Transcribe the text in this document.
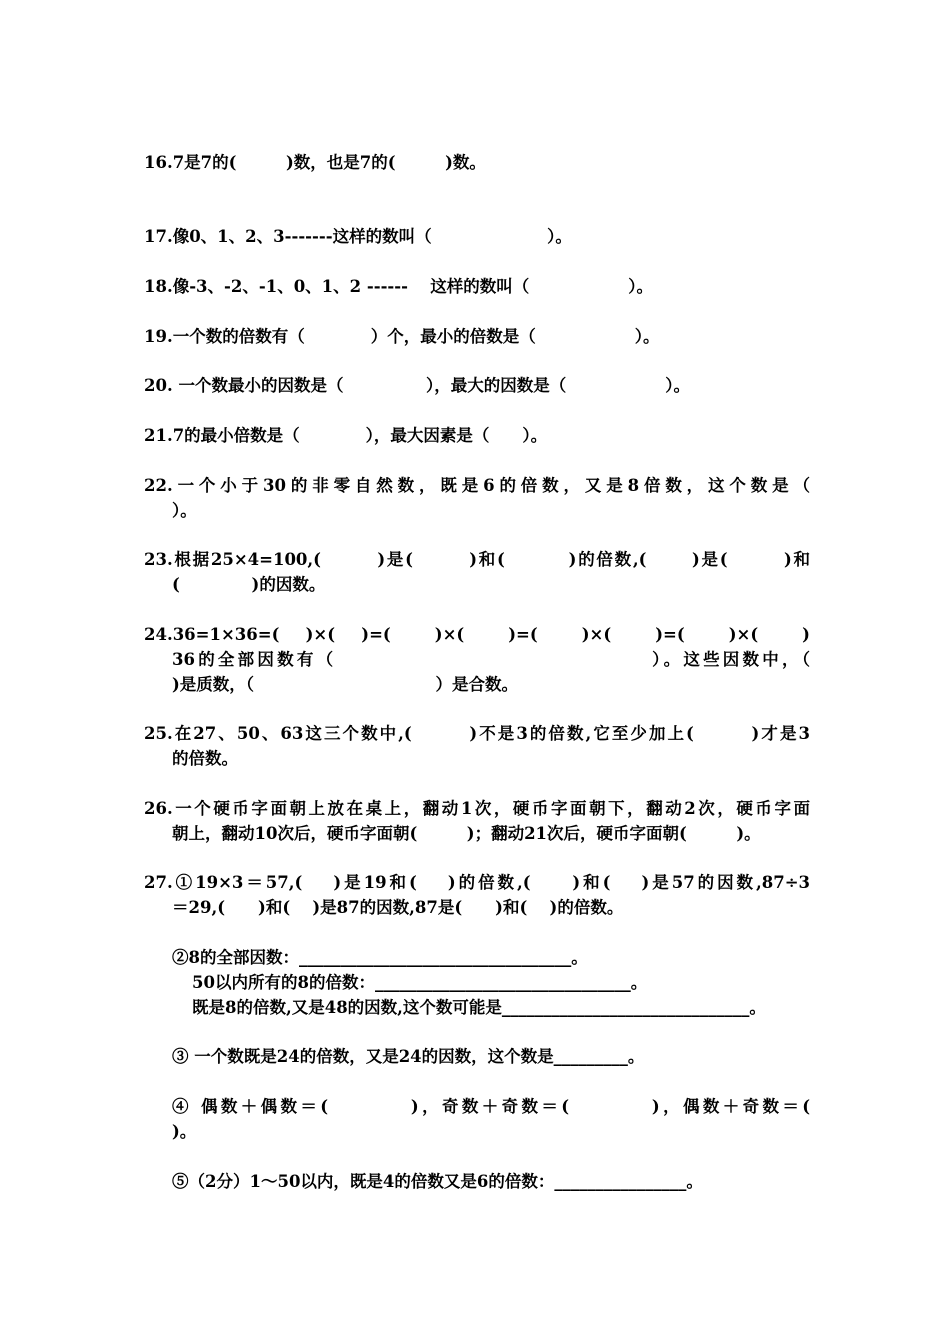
16.7是7的(　　　)数，也是7的(　　　)数。
17.像0、1、2、3-------这样的数叫（　　　　　　　）。
18.像-3、-2、-1、0、1、2 ------　 这样的数叫（　　　　　　）。
19.一个数的倍数有（　　　　）个，最小的倍数是（　　　　　　）。
20. 一个数最小的因数是（　　　　　），最大的因数是（　　　　　　）。
21.7的最小倍数是（　　　　），最大因素是（　　）。
22.一个小于30的非零自然数，既是6的倍数，又是8倍数，这个数是（
）。
23.根据25×4=100,(　　　)是(　　　)和(　　　 )的倍数,(　　 )是(　　　)和
(　　　　 )的因数。
24.36=1×36=(　 )×(　 )=(　　 )×(　　 )=(　　 )×(　　 )=(　　 )×(　　 )
36的全部因数有（　　　　　　　　　　　　　　　　）。这些因数中，（
)是质数，（　　　　　　　　　　　）是合数。
25.在27、50、63这三个数中,(　　　)不是3的倍数,它至少加上(　　　)才是3
的倍数。
26.一个硬币字面朝上放在桌上，翻动1次，硬币字面朝下，翻动2次，硬币字面
朝上，翻动10次后，硬币字面朝(　　　)；翻动21次后，硬币字面朝(　　　)。
27.①19×3＝57,(　 )是19和(　 )的倍数,(　　)和(　 )是57的因数,87÷3
＝29,(　　)和(　 )是87的因数,87是(　　)和(　 )的倍数。
②8的全部因数：_________________________________。
50以内所有的8的倍数：_______________________________。
既是8的倍数,又是48的因数,这个数可能是______________________________。
③ 一个数既是24的倍数，又是24的因数，这个数是_________。
④ 偶数＋偶数＝(　　　　)，奇数＋奇数＝(　　　　)，偶数＋奇数＝(
)。
⑤（2分）1～50以内，既是4的倍数又是6的倍数：________________。
